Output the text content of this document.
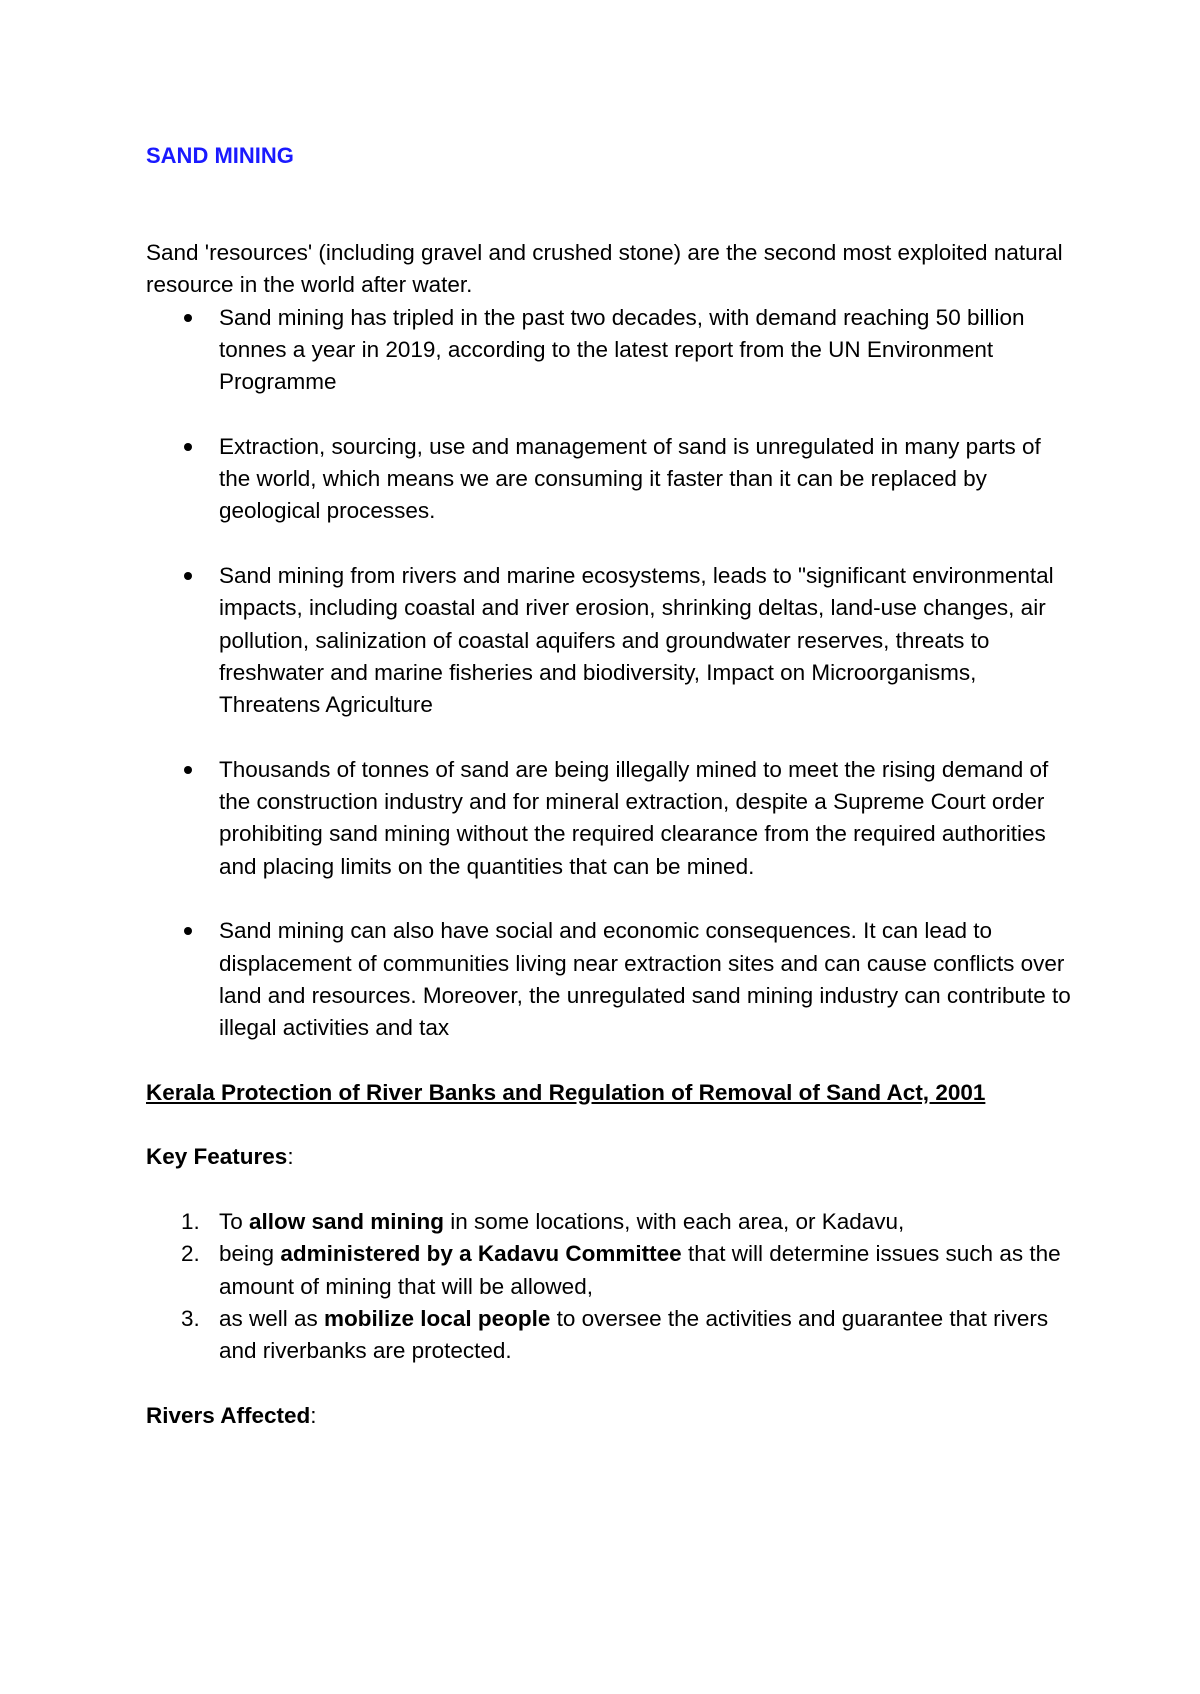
SAND MINING

Sand 'resources' (including gravel and crushed stone) are the second most exploited natural resource in the world after water.

Sand mining has tripled in the past two decades, with demand reaching 50 billion tonnes a year in 2019, according to the latest report from the UN Environment Programme
Extraction, sourcing, use and management of sand is unregulated in many parts of the world, which means we are consuming it faster than it can be replaced by geological processes.
Sand mining from rivers and marine ecosystems, leads to "significant environmental impacts, including coastal and river erosion, shrinking deltas, land-use changes, air pollution, salinization of coastal aquifers and groundwater reserves, threats to freshwater and marine fisheries and biodiversity, Impact on Microorganisms, Threatens Agriculture
Thousands of tonnes of sand are being illegally mined to meet the rising demand of the construction industry and for mineral extraction, despite a Supreme Court order prohibiting sand mining without the required clearance from the required authorities and placing limits on the quantities that can be mined.
Sand mining can also have social and economic consequences. It can lead to displacement of communities living near extraction sites and can cause conflicts over land and resources. Moreover, the unregulated sand mining industry can contribute to illegal activities and tax

Kerala Protection of River Banks and Regulation of Removal of Sand Act, 2001

Key Features:

1. To allow sand mining in some locations, with each area, or Kadavu,
2. being administered by a Kadavu Committee that will determine issues such as the amount of mining that will be allowed,
3. as well as mobilize local people to oversee the activities and guarantee that rivers and riverbanks are protected.

Rivers Affected:
